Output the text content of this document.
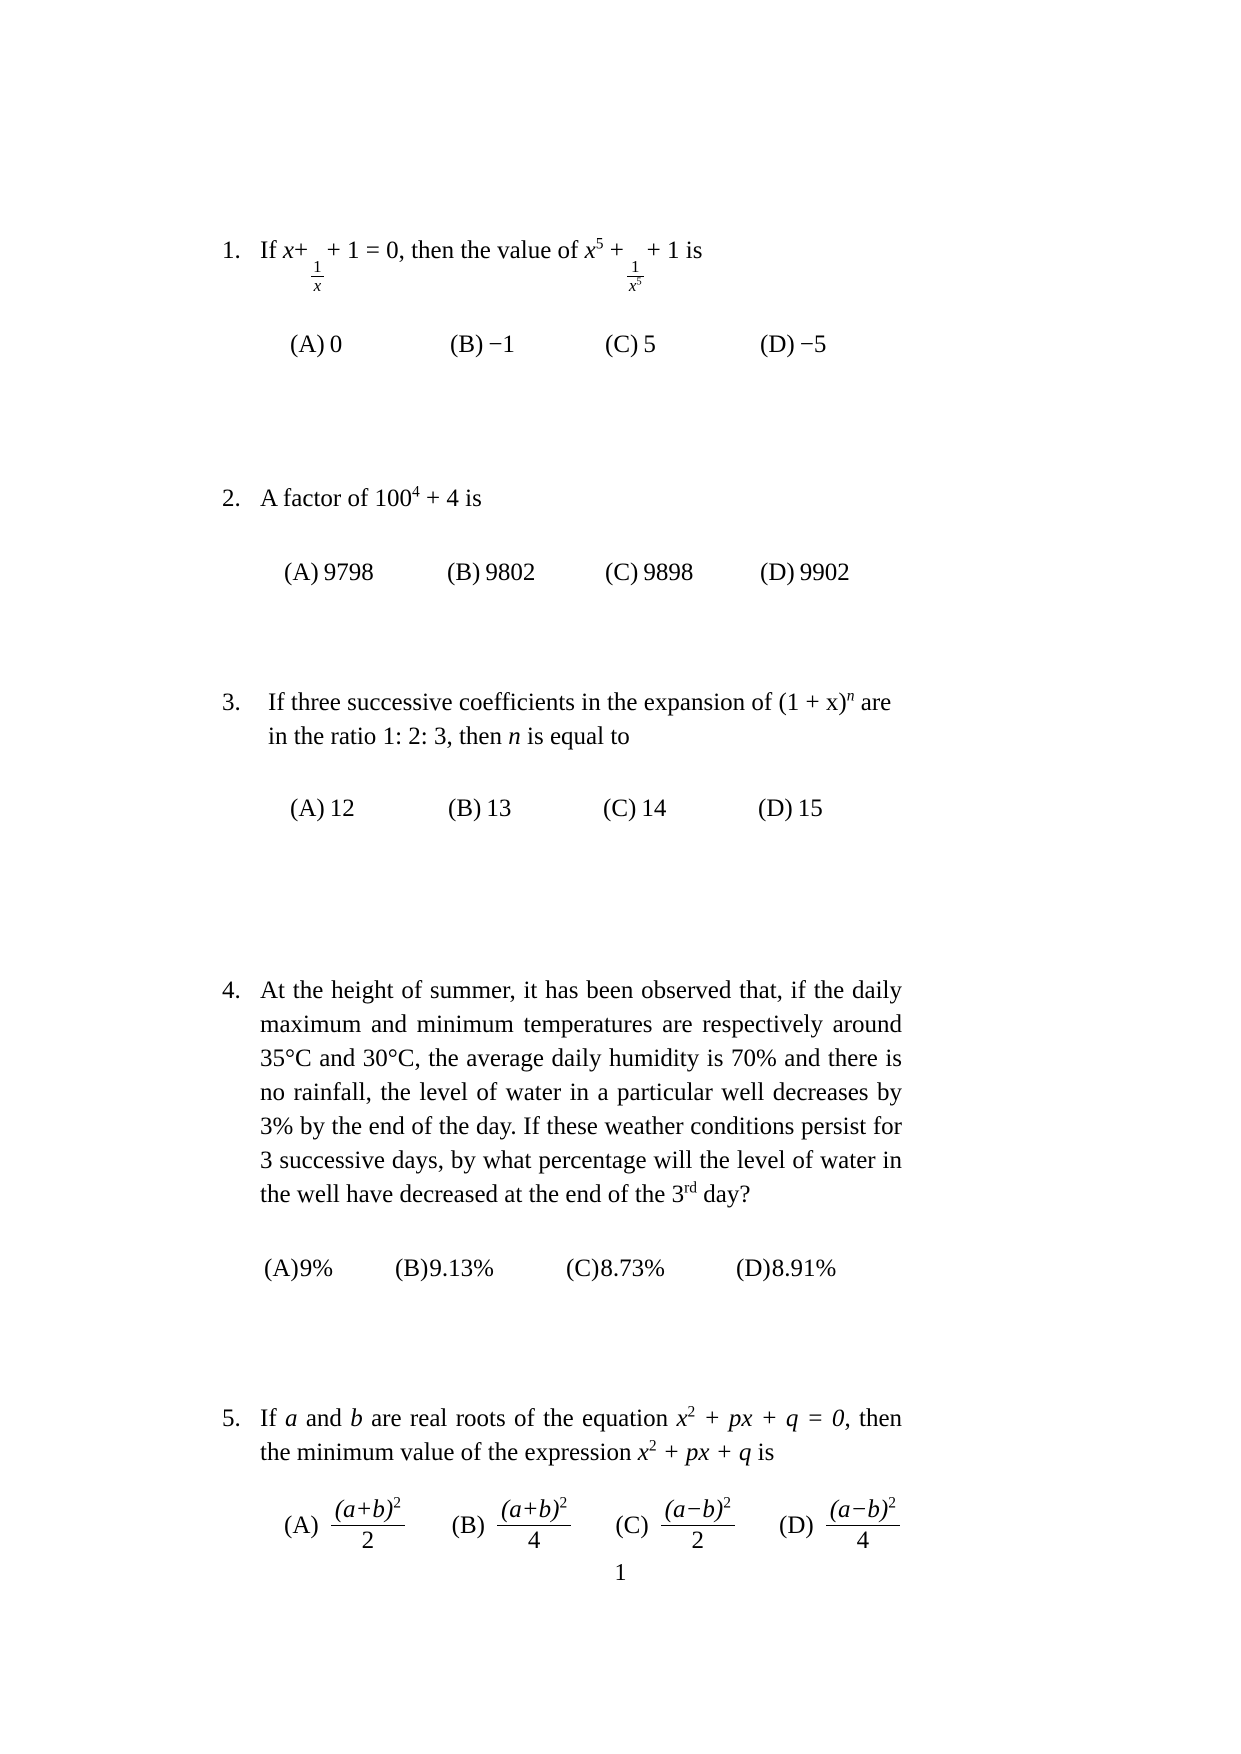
1. If x+
$\frac{1}{x}$
+ 1 = 0, then the value of $x^5$ +
$\frac{1}{x^5}$
+ 1 is
(A) 0	(B) −1	(C) 5	(D) −5
2. A factor of $100^4 + 4$ is
(A) 9798	(B) 9802	(C) 9898	(D) 9902
3.	If three successive coefficients in the expansion of $(1 + x)^n$ are in the ratio 1: 2: 3, then n is equal to
(A) 12	(B) 13	(C) 14	(D) 15
4. At the height of summer, it has been observed that, if the daily maximum and minimum temperatures are respectively around 35°C and 30°C, the average daily humidity is 70% and there is no rainfall, the level of water in a particular well decreases by 3% by the end of the day. If these weather conditions persist for 3 successive days, by what percentage will the level of water in the well have decreased at the end of the 3rd day?
(A) 9% (B) 9.13%	(C) 8.73%	(D) 8.91%
5. If a and b are real roots of the equation $x^2$ + px + q = 0, then the minimum value of the expression $x^2$ + px + q is
$(A) \frac{(a+b)^2}{2} (B) \frac{(a+b)^2}{4} (C) \frac{(a-b)^2}{2} (D) \frac{(a-b)^2}{4}$
1
